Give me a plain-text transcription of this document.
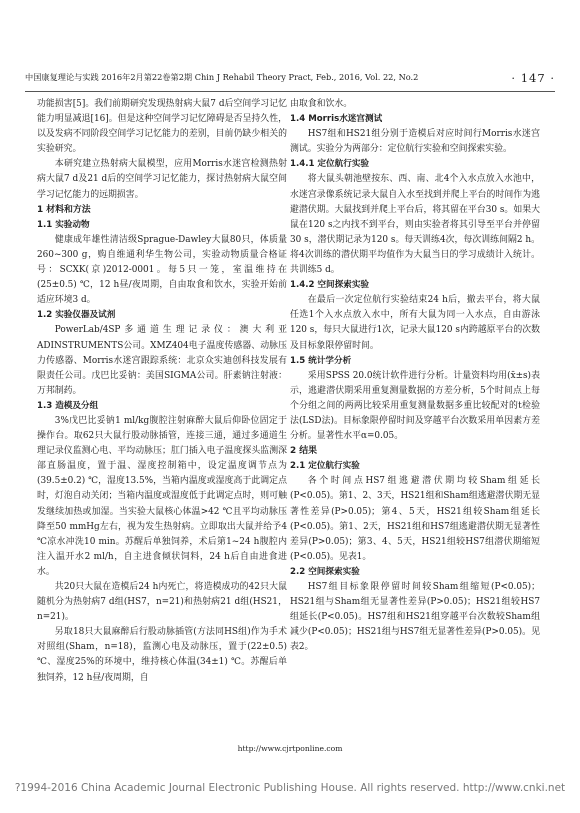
中国康复理论与实践 2016年2月第22卷第2期 Chin J Rehabil Theory Pract, Feb., 2016, Vol. 22, No.2	· 147 ·

功能损害[5]。我们前期研究发现热射病大鼠7 d后空间学习记忆能力明显减退[16]。但是这种空间学习记忆障碍是否呈持久性，以及发病不同阶段空间学习记忆能力的差别，目前仍缺少相关的实验研究。

本研究建立热射病大鼠模型，应用Morris水迷宫检测热射病大鼠7 d及21 d后的空间学习记忆能力，探讨热射病大鼠空间学习记忆能力的远期损害。

1 材料和方法

1.1 实验动物

健康成年雄性清洁级Sprague-Dawley大鼠80只，体质量260~300 g，购自维通利华生物公司，实验动物质量合格证号：SCXK(京)2012-0001。每5只一笼，室温维持在(25±0.5) ℃，12 h昼/夜周期，自由取食和饮水，实验开始前适应环境3 d。

1.2 实验仪器及试剂

PowerLab/4SP多通道生理记录仪：澳大利亚ADINSTRUMENTS公司。XMZ404电子温度传感器、动脉压力传感器、Morris水迷宫跟踪系统：北京众实迪创科技发展有限责任公司。戊巴比妥钠：美国SIGMA公司。肝素钠注射液：万邦制药。

1.3 造模及分组

3%戊巴比妥钠1 ml/kg腹腔注射麻醉大鼠后仰卧位固定于操作台。取62只大鼠行股动脉插管，连接三通，通过多通道生理记录仪监测心电、平均动脉压；肛门插入电子温度探头监测深部直肠温度，置于温、湿度控制箱中，设定温度调节点为(39.5±0.2) ℃，湿度13.5%，当箱内温度或湿度高于此调定点时，灯泡自动关闭；当箱内温度或湿度低于此调定点时，则可触发继续加热或加湿。当实验大鼠核心体温>42 ℃且平均动脉压降至50 mmHg左右，视为发生热射病。立即取出大鼠并给予4 ℃凉水冲洗10 min。苏醒后单独饲养，术后第1~24 h腹腔内注入温开水2 ml/h，自主进食倾状饲料，24 h后自由进食进水。

共20只大鼠在造模后24 h内死亡，将造模成功的42只大鼠随机分为热射病7 d组(HS7，n=21)和热射病21 d组(HS21，n=21)。

另取18只大鼠麻醉后行股动脉插管(方法同HS组)作为手术对照组(Sham，n=18)，监测心电及动脉压，置于(22±0.5) ℃、湿度25%的环境中，维持核心体温(34±1) ℃。苏醒后单独饲养，12 h昼/夜周期，自

由取食和饮水。

1.4 Morris水迷宫测试

HS7组和HS21组分别于造模后对应时间行Morris水迷宫测试。实验分为两部分：定位航行实验和空间探索实验。

1.4.1 定位航行实验

将大鼠头朝池壁按东、西、南、北4个入水点放入水池中，水迷宫录像系统记录大鼠自入水至找到并爬上平台的时间作为逃避潜伏期。大鼠找到并爬上平台后，将其留在平台30 s。如果大鼠在120 s之内找不到平台，则由实验者将其引导至平台并停留30 s，潜伏期记录为120 s。每天训练4次，每次训练间隔2 h。将4次训练的潜伏期平均值作为大鼠当日的学习成绩计入统计。共训练5 d。

1.4.2 空间探索实验

在最后一次定位航行实验结束24 h后，撤去平台，将大鼠任选1个入水点放入水中，所有大鼠为同一入水点，自由游泳120 s，每只大鼠进行1次，记录大鼠120 s内跨越原平台的次数及目标象限停留时间。

1.5 统计学分析

采用SPSS 20.0统计软件进行分析。计量资料均用(x̄±s)表示，逃避潜伏期采用重复测量数据的方差分析，5个时间点上每个分组之间的两两比较采用重复测量数据多重比较配对的t检验法(LSD法)。目标象限停留时间及穿越平台次数采用单因素方差分析。显著性水平α=0.05。

2 结果

2.1 定位航行实验

各个时间点HS7组逃避潜伏期均较Sham组延长(P<0.05)。第1、2、3天，HS21组和Sham组逃避潜伏期无显著性差异(P>0.05)；第4、5天，HS21组较Sham组延长(P<0.05)。第1、2天，HS21组和HS7组逃避潜伏期无显著性差异(P>0.05)；第3、4、5天，HS21组较HS7组潜伏期缩短(P<0.05)。见表1。

2.2 空间探索实验

HS7组目标象限停留时间较Sham组缩短(P<0.05)；HS21组与Sham组无显著性差异(P>0.05)；HS21组较HS7组延长(P<0.05)。HS7组和HS21组穿越平台次数较Sham组减少(P<0.05)；HS21组与HS7组无显著性差异(P>0.05)。见表2。

http://www.cjrtponline.com
?1994-2016 China Academic Journal Electronic Publishing House. All rights reserved. http://www.cnki.net
